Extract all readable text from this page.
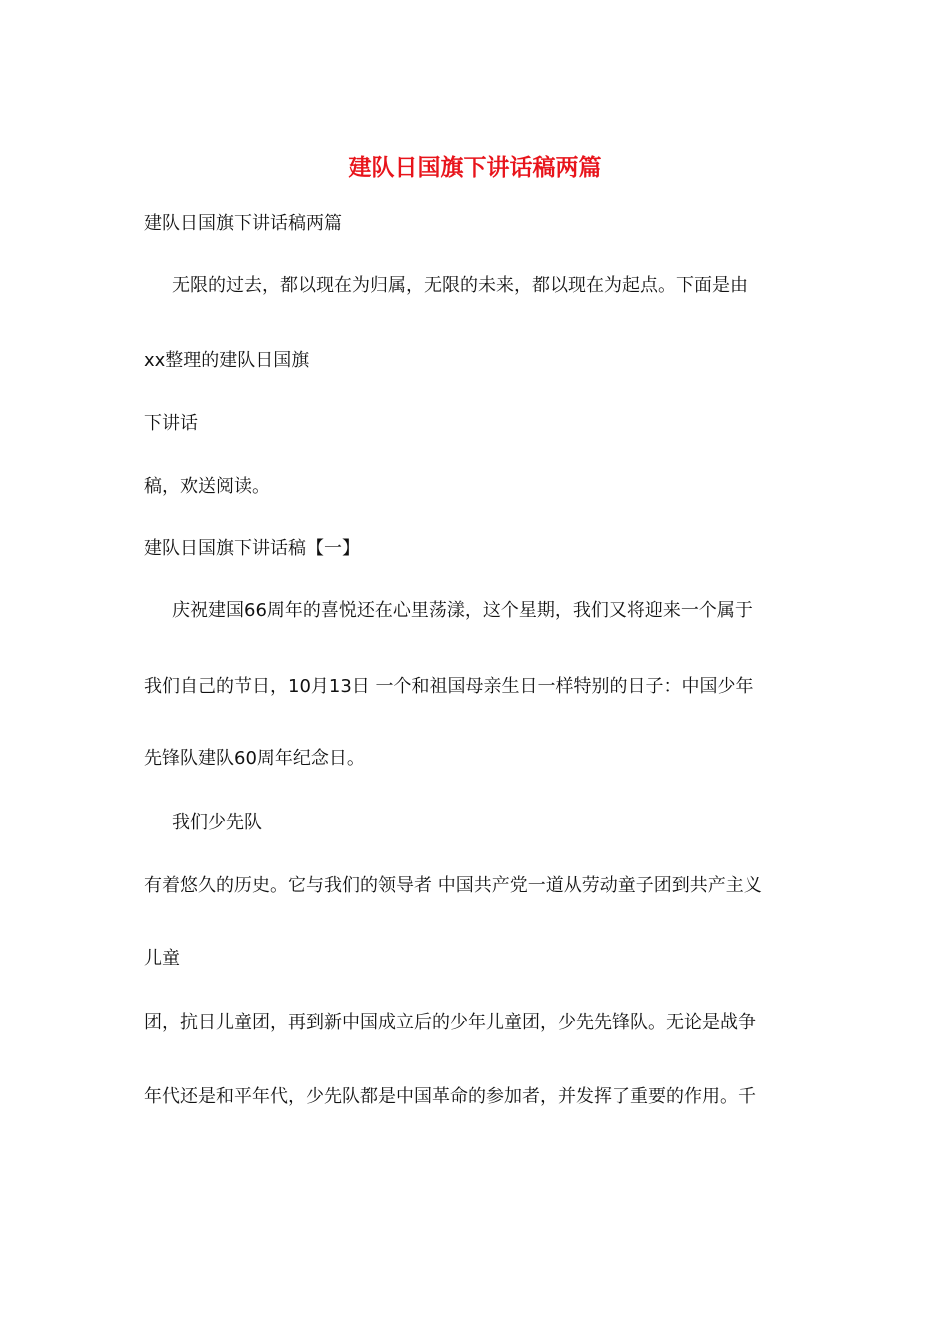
建队日国旗下讲话稿两篇
建队日国旗下讲话稿两篇
无限的过去，都以现在为归属，无限的未来，都以现在为起点。下面是由
xx整理的建队日国旗
下讲话
稿，欢送阅读。
建队日国旗下讲话稿【一】
庆祝建国66周年的喜悦还在心里荡漾，这个星期，我们又将迎来一个属于
我们自己的节日，10月13日 一个和祖国母亲生日一样特别的日子：中国少年
先锋队建队60周年纪念日。
我们少先队
有着悠久的历史。它与我们的领导者 中国共产党一道从劳动童子团到共产主义
儿童
团，抗日儿童团，再到新中国成立后的少年儿童团，少先先锋队。无论是战争
年代还是和平年代，少先队都是中国革命的参加者，并发挥了重要的作用。千
